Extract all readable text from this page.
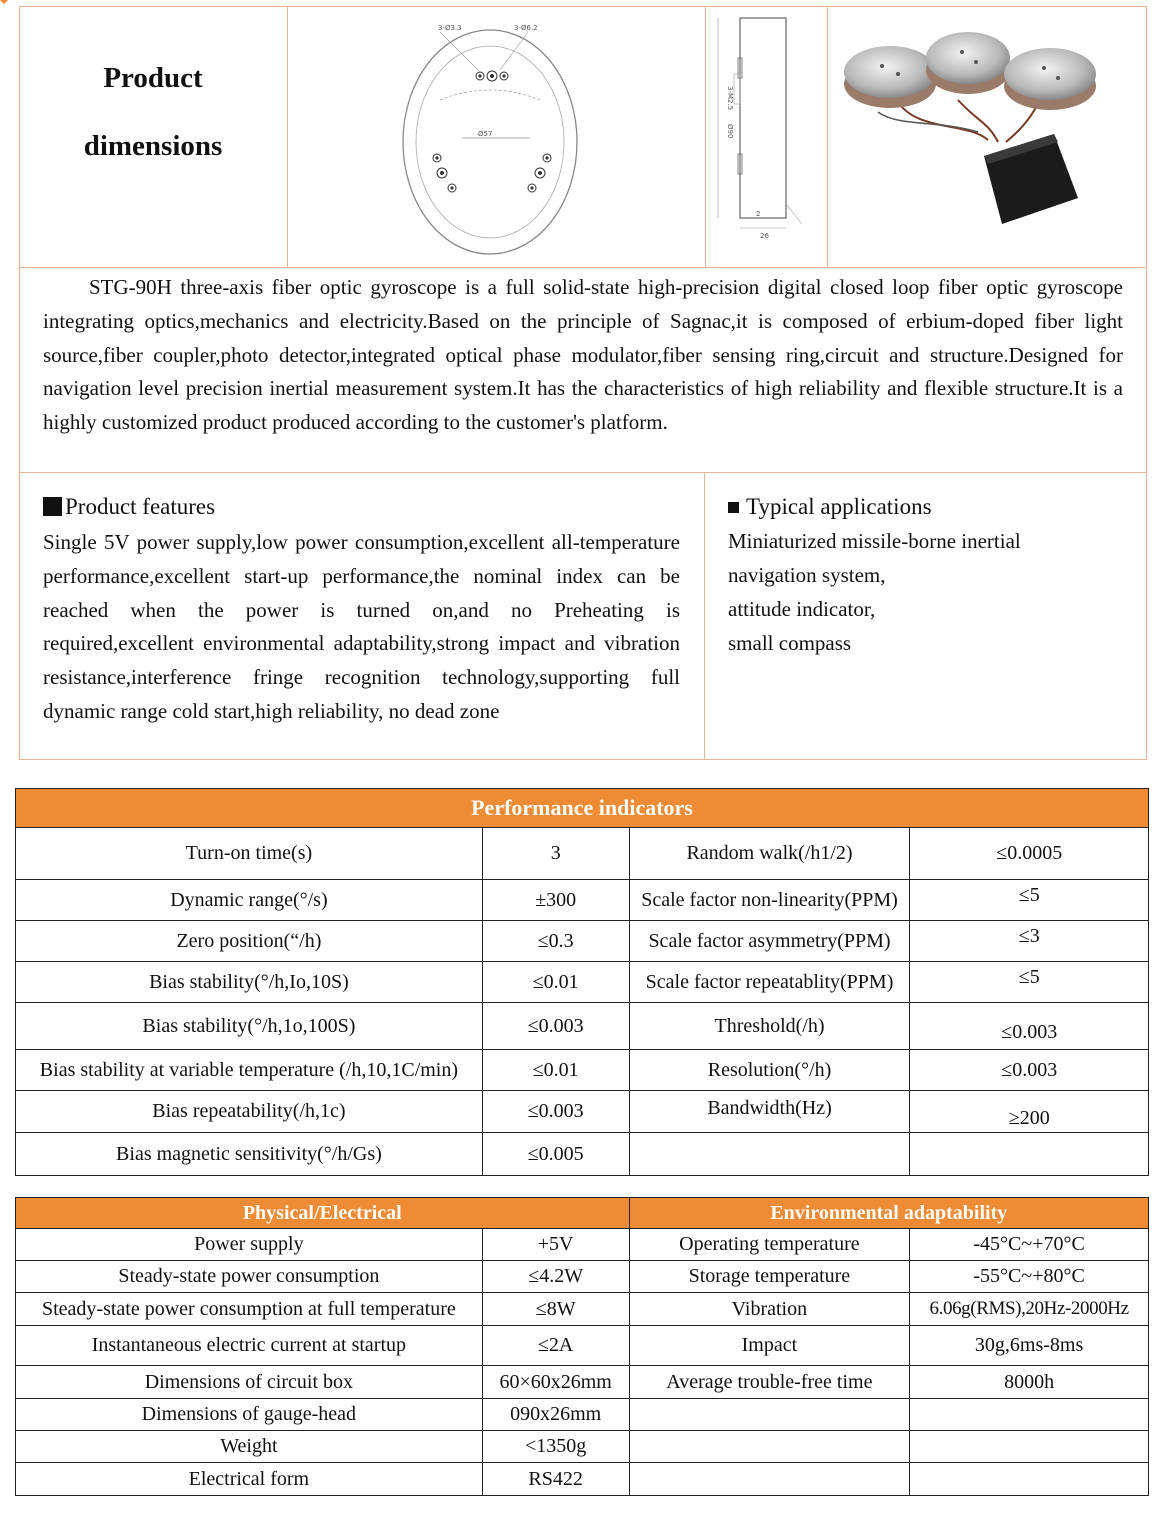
Product
dimensions
3-Ø3.3	3-Ø6.2
Ø57	Ø90
3-M2.5
2
26
STG-90H three-axis fiber optic gyroscope is a full solid-state high-precision digital closed loop fiber optic gyroscope integrating optics,mechanics and electricity.Based on the principle of Sagnac,it is composed of erbium-doped fiber light source,fiber coupler,photo detector,integrated optical phase modulator,fiber sensing ring,circuit and structure.Designed for navigation level precision inertial measurement system.It has the characteristics of high reliability and flexible structure.It is a highly customized product produced according to the customer's platform.
Product features
Single 5V power supply,low power consumption,excellent all-temperature performance,excellent start-up performance,the nominal index can be reached when the power is turned on,and no Preheating is required,excellent environmental adaptability,strong impact and vibration resistance,interference fringe recognition technology,supporting full dynamic range cold start,high reliability, no dead zone
Typical applications
Miniaturized missile-borne inertial
navigation system,
attitude indicator,
small compass
Performance indicators			
Turn-on time(s)	3	Random walk(/h1/2)	≤0.0005
Dynamic range(°/s)	±300	Scale factor non-linearity(PPM)	≤5
Zero position(“/h)	≤0.3	Scale factor asymmetry(PPM)	≤3
Bias stability(°/h,Io,10S)	≤0.01	Scale factor repeatablity(PPM)	≤5
Bias stability(°/h,1o,100S)	≤0.003	Threshold(/h)	≤0.003
Bias stability at variable temperature (/h,10,1C/min)	≤0.01	Resolution(°/h)	≤0.003
Bias repeatability(/h,1c)	≤0.003	Bandwidth(Hz)	≥200
Bias magnetic sensitivity(°/h/Gs)	≤0.005		
Physical/Electrical		Environmental adaptability	
Power supply	+5V	Operating temperature	-45°C~+70°C
Steady-state power consumption	≤4.2W	Storage temperature	-55°C~+80°C
Steady-state power consumption at full temperature	≤8W	Vibration	6.06g(RMS),20Hz-2000Hz
Instantaneous electric current at startup	≤2A	Impact	30g,6ms-8ms
Dimensions of circuit box	60×60x26mm	Average trouble-free time	8000h
Dimensions of gauge-head	090x26mm		
Weight	<1350g		
Electrical form	RS422		
